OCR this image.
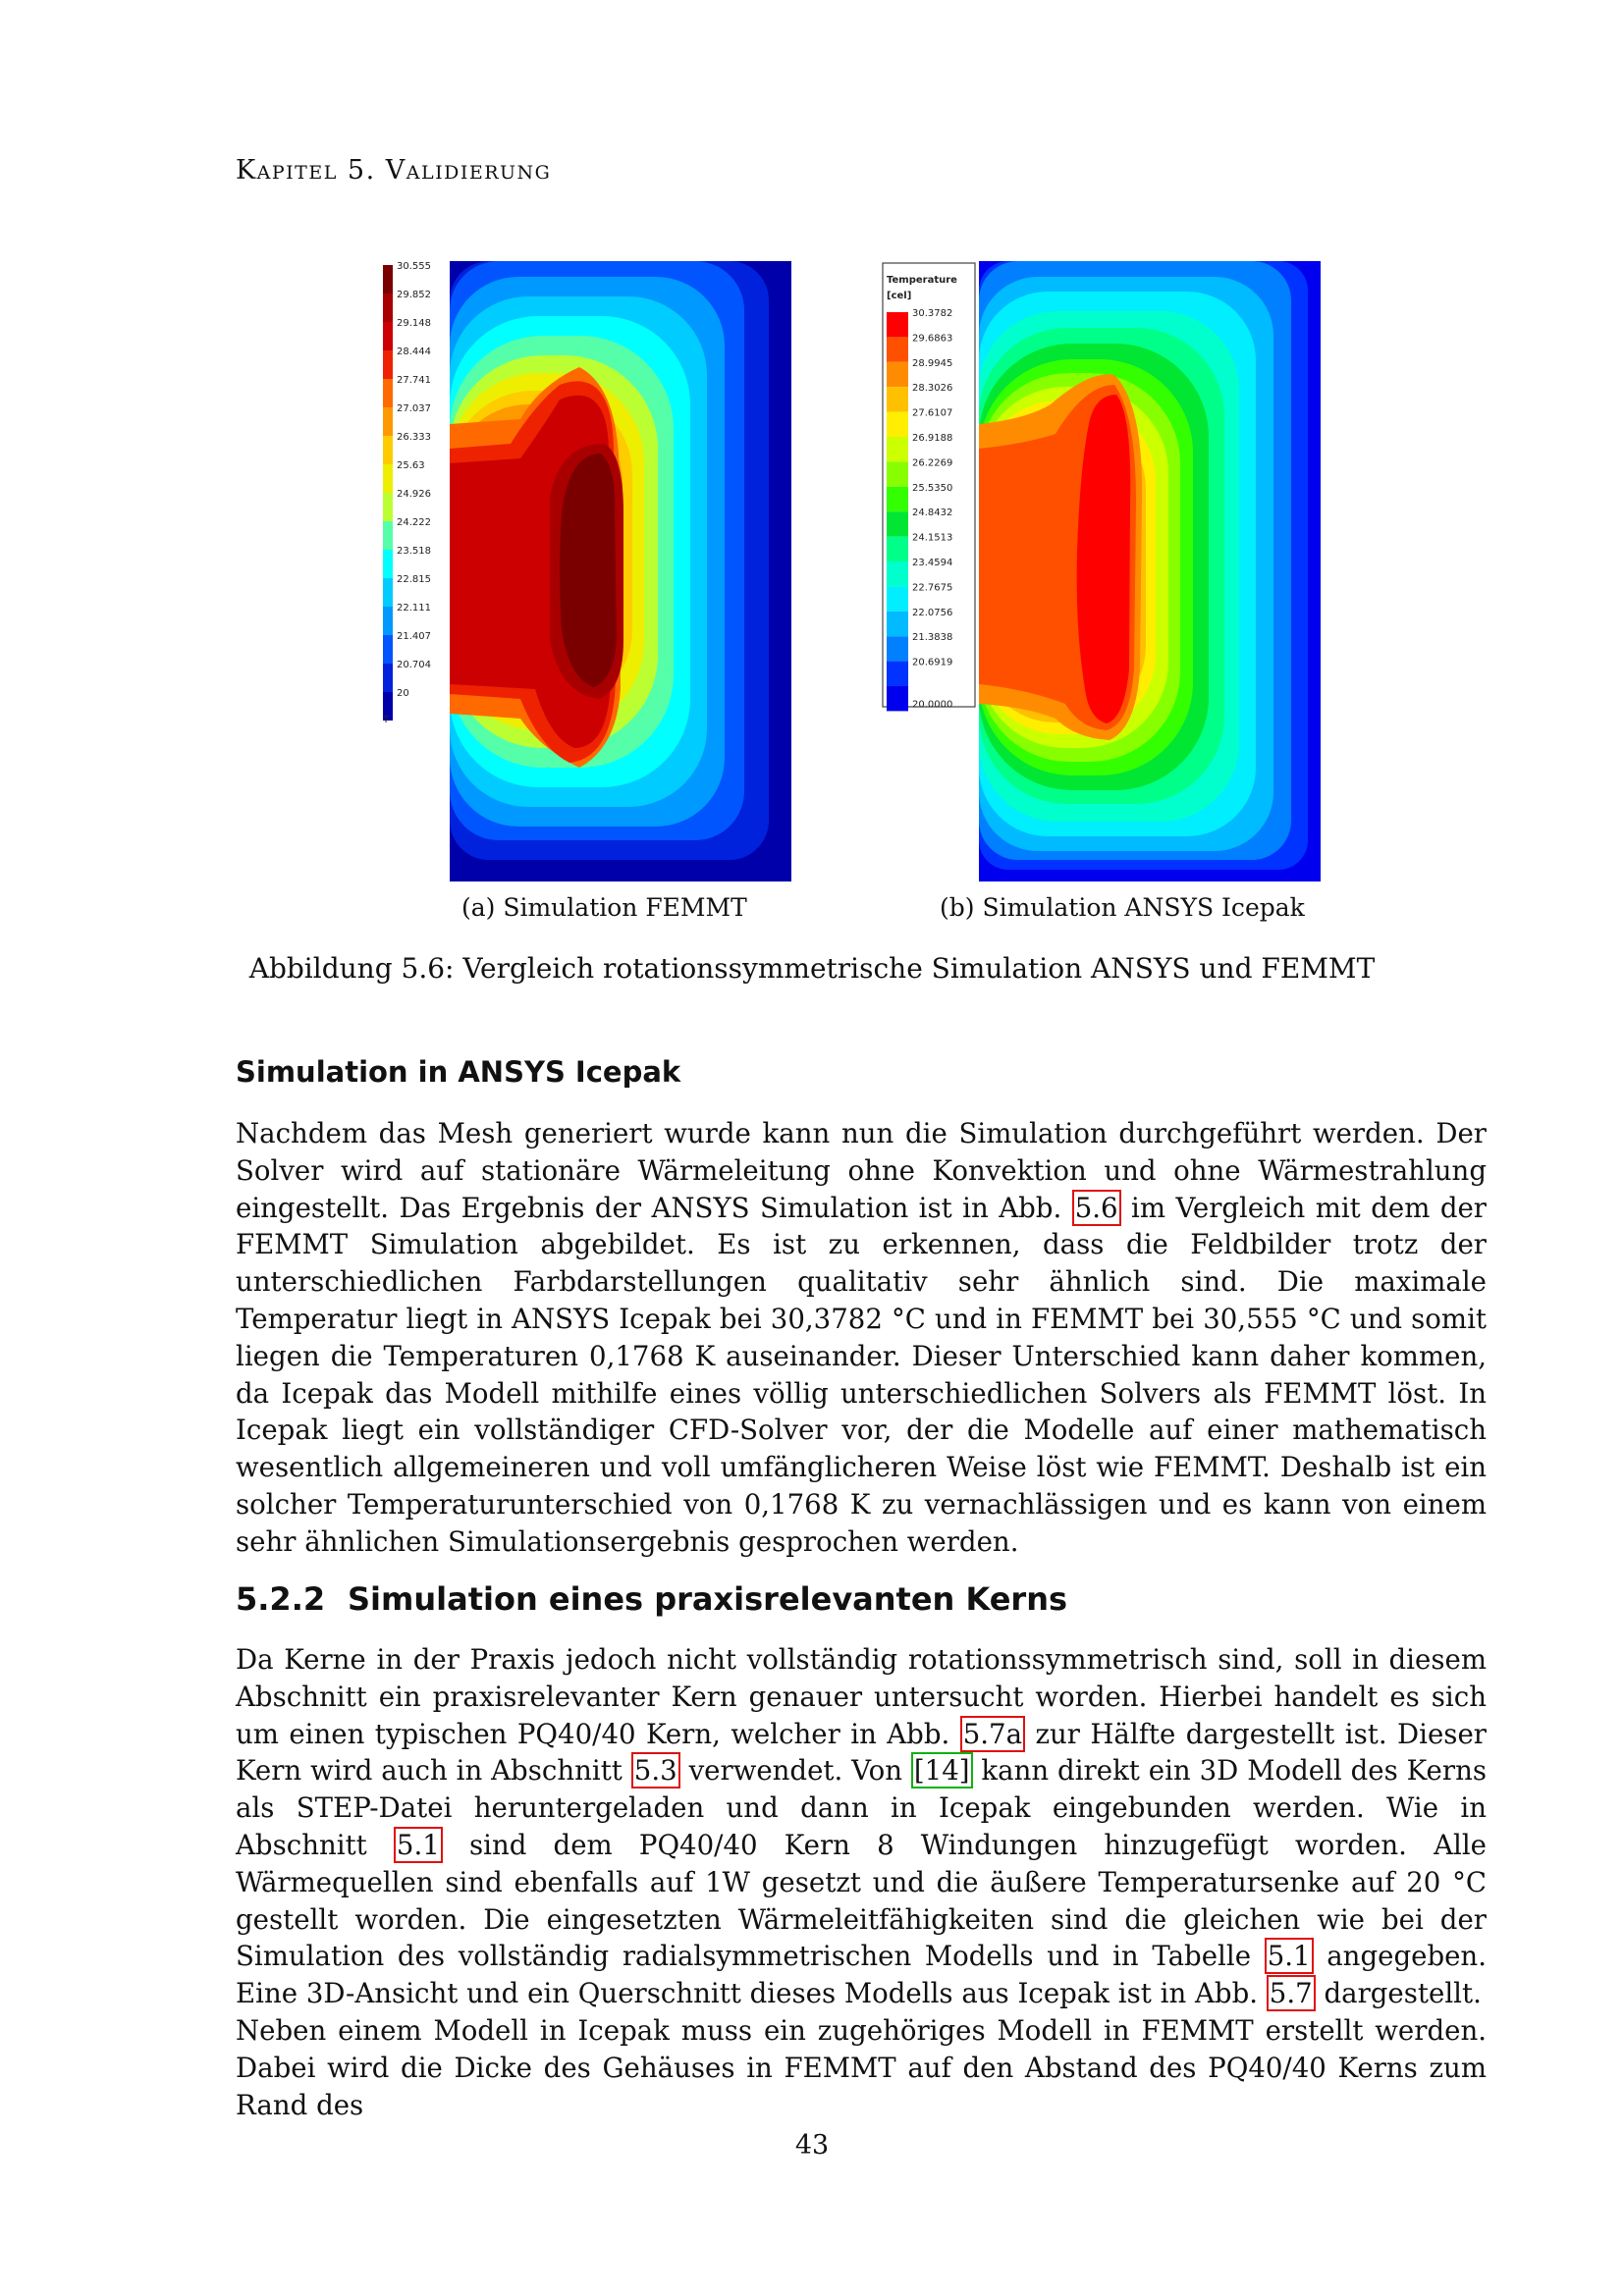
Kapitel 5. Validierung
30.555
29.852
29.148
28.444
27.741
27.037
26.333
25.63
24.926
24.222
23.518
22.815
22.111
21.407
20.704
20
T
(a) Simulation FEMMT
Temperature
[cel]
30.3782
29.6863
28.9945
28.3026
27.6107
26.9188
26.2269
25.5350
24.8432
24.1513
23.4594
22.7675
22.0756
21.3838
20.6919
20.0000
(b) Simulation ANSYS Icepak
Abbildung 5.6: Vergleich rotationssymmetrische Simulation ANSYS und FEMMT
Simulation in ANSYS Icepak

Nachdem das Mesh generiert wurde kann nun die Simulation durchgeführt werden. Der Solver wird auf stationäre Wärmeleitung ohne Konvektion und ohne Wärmestrahlung eingestellt. Das Ergebnis der ANSYS Simulation ist in Abb. 5.6 im Vergleich mit dem der FEMMT Simulation abgebildet. Es ist zu erkennen, dass die Feldbilder trotz der unterschiedlichen Farbdarstellungen qualitativ sehr ähnlich sind. Die maximale Temperatur liegt in ANSYS Icepak bei 30,3782 °C und in FEMMT bei 30,555 °C und somit liegen die Temperaturen 0,1768 K auseinander. Dieser Unterschied kann daher kommen, da Icepak das Modell mithilfe eines völlig unterschiedlichen Solvers als FEMMT löst. In Icepak liegt ein vollständiger CFD-Solver vor, der die Modelle auf einer mathematisch wesentlich allgemeineren und voll umfänglicheren Weise löst wie FEMMT. Deshalb ist ein solcher Temperaturunterschied von 0,1768 K zu vernachlässigen und es kann von einem sehr ähnlichen Simulationsergebnis gesprochen werden.

5.2.2 Simulation eines praxisrelevanten Kerns

Da Kerne in der Praxis jedoch nicht vollständig rotationssymmetrisch sind, soll in diesem Abschnitt ein praxisrelevanter Kern genauer untersucht worden. Hierbei handelt es sich um einen typischen PQ40/40 Kern, welcher in Abb. 5.7a zur Hälfte dargestellt ist. Dieser Kern wird auch in Abschnitt 5.3 verwendet. Von [14] kann direkt ein 3D Modell des Kerns als STEP-Datei heruntergeladen und dann in Icepak eingebunden werden. Wie in Abschnitt 5.1 sind dem PQ40/40 Kern 8 Windungen hinzugefügt worden. Alle Wärmequellen sind ebenfalls auf 1W gesetzt und die äußere Temperatursenke auf 20 °C gestellt worden. Die eingesetzten Wärmeleitfähigkeiten sind die gleichen wie bei der Simulation des vollständig radialsymmetrischen Modells und in Tabelle 5.1 angegeben. Eine 3D-Ansicht und ein Querschnitt dieses Modells aus Icepak ist in Abb. 5.7 dargestellt.

Neben einem Modell in Icepak muss ein zugehöriges Modell in FEMMT erstellt werden. Dabei wird die Dicke des Gehäuses in FEMMT auf den Abstand des PQ40/40 Kerns zum Rand des

43
